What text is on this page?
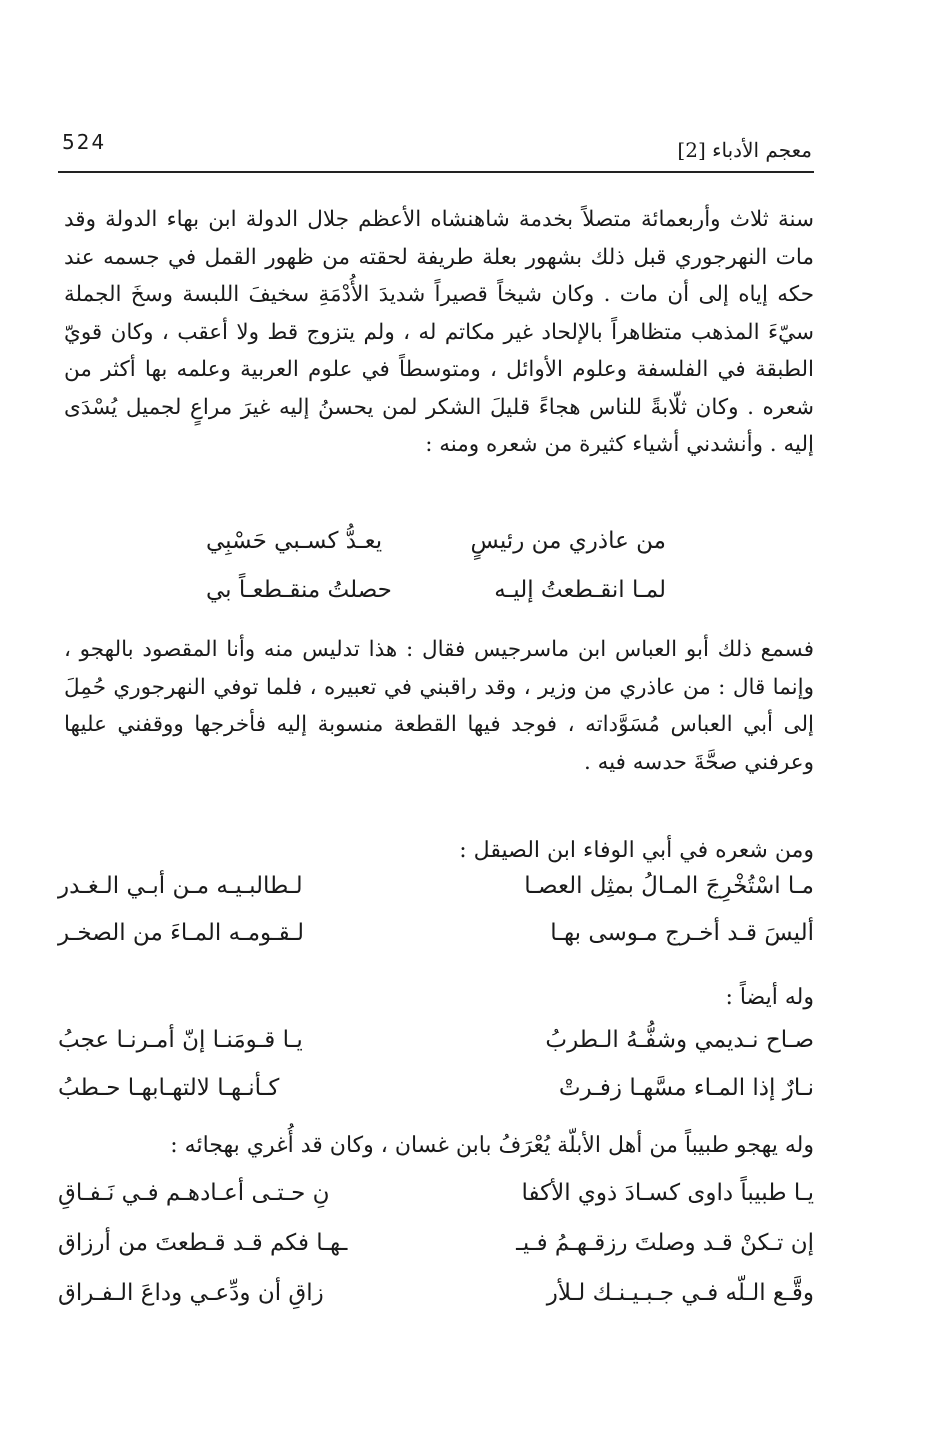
معجم الأدباء [2]
524

سنة ثلاث وأربعمائة متصلاً بخدمة شاهنشاه الأعظم جلال الدولة ابن بهاء الدولة وقد مات النهرجوري قبل ذلك بشهور بعلة طريفة لحقته من ظهور القمل في جسمه عند حكه إياه إلى أن مات . وكان شيخاً قصيراً شديدَ الأُدْمَةِ سخيفَ اللبسة وسخَ الجملة سيّءَ المذهب متظاهراً بالإلحاد غير مكاتم له ، ولم يتزوج قط ولا أعقب ، وكان قويّ الطبقة في الفلسفة وعلوم الأوائل ، ومتوسطاً في علوم العربية وعلمه بها أكثر من شعره . وكان ثلّابةً للناس هجاءً قليلَ الشكر لمن يحسنُ إليه غيرَ مراعٍ لجميل يُسْدَى إليه . وأنشدني أشياء كثيرة من شعره ومنه :

من عاذري من رئيسٍ
يعـدُّ كسـبي حَسْبِي
لمـا انقـطعتُ إليـه
حصلتُ منقـطعـاً بي

فسمع ذلك أبو العباس ابن ماسرجيس فقال : هذا تدليس منه وأنا المقصود بالهجو ، وإنما قال : من عاذري من وزير ، وقد راقبني في تعبيره ، فلما توفي النهرجوري حُمِلَ إلى أبي العباس مُسَوَّداته ، فوجد فيها القطعة منسوبة إليه فأخرجها ووقفني عليها وعرفني صحَّةَ حدسه فيه .

ومن شعره في أبي الوفاء ابن الصيقل :
مـا اسْتُخْرِجَ المـالُ بمثِل العصـا
لـطالبـيـه مـن أبـي الـغـدر
أليسَ قـد أخـرج مـوسى بهـا
لـقـومـه المـاءَ من الصخـر
وله أيضاً :
صـاح نـديمي وشفُّـهُ الـطربُ
يـا قـومَنـا إنّ أمـرنـا عجبُ
نـارٌ إذا المـاء مسَّهـا زفـرتْ
كـأنـهـا لالتهـابهـا حـطبُ
وله يهجو طبيباً من أهل الأبلّة يُعْرَفُ بابن غسان ، وكان قد أُغري بهجائه :
يـا طبيباً داوى كسـادَ ذوي الأكفا
نِ حـتـى أعـادهـم فـي نَـفـاقِ
إن تـكنْ قـد وصلتَ رزقـهـمُ فـيـ
ـهـا فكم قـد قـطعتَ من أرزاق
وقَّـع الـلّه فـي جـبـيـنـك لـلأر
زاقِ أن ودِّعـي وداعَ الـفـراق
